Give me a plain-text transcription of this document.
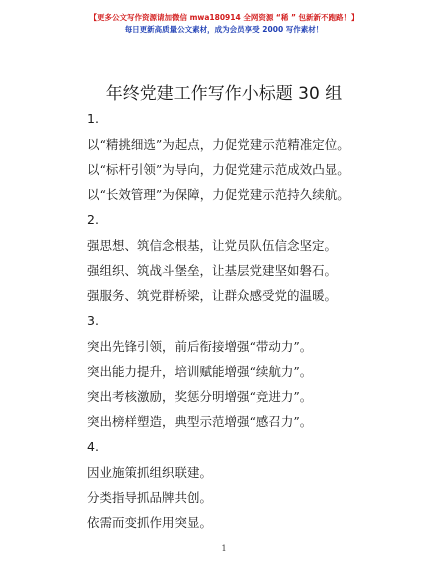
【更多公文写作资源请加微信 mwa180914 全网资源 “稀 ” 包新新不跑路！】
每日更新高质量公文素材，成为会员享受 2000 写作素材！
年终党建工作写作小标题 30 组
1.
以“精挑细选”为起点，力促党建示范精准定位。
以“标杆引领”为导向，力促党建示范成效凸显。
以“长效管理”为保障，力促党建示范持久续航。
2.
强思想、筑信念根基，让党员队伍信念坚定。
强组织、筑战斗堡垒，让基层党建坚如磐石。
强服务、筑党群桥梁，让群众感受党的温暖。
3.
突出先锋引领，前后衔接增强“带动力”。
突出能力提升，培训赋能增强“续航力”。
突出考核激励，奖惩分明增强“竞进力”。
突出榜样塑造，典型示范增强“感召力”。
4.
因业施策抓组织联建。
分类指导抓品牌共创。
依需而变抓作用突显。
1
